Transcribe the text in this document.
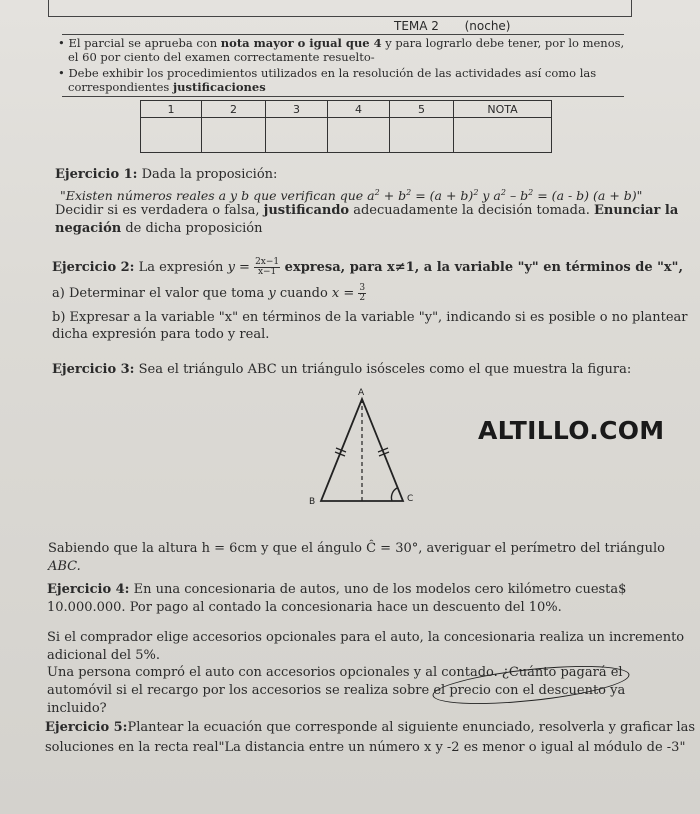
TEMA 2 (noche)
• El parcial se aprueba con nota mayor o igual que 4 y para lograrlo debe tener, por lo menos,
el 60 por ciento del examen correctamente resuelto-
• Debe exhibir los procedimientos utilizados en la resolución de las actividades así como las
correspondientes justificaciones
1	2	3	4	5	NOTA

Ejercicio 1: Dada la proposición:
"Existen números reales a y b que verifican que $a^2 + b^2 = (a + b)^2$ y $a^2 - b^2 = (a - b) (a + b)$"
Decidir si es verdadera o falsa, justificando adecuadamente la decisión tomada. Enunciar la
negación de dicha proposición
Ejercicio 2: La expresión $y = \frac{2x-1}{x-1}$ expresa, para x≠1, a la variable "y" en términos de "x",
a) Determinar el valor que toma y cuando $x = \frac{3}{2}$
b) Expresar a la variable "x" en términos de la variable "y", indicando si es posible o no plantear
dicha expresión para todo y real.
Ejercicio 3: Sea el triángulo ABC un triángulo isósceles como el que muestra la figura:
A
B	C
ALTILLO.COM
Sabiendo que la altura h = 6cm y que el ángulo Ĉ = 30°, averiguar el perímetro del triángulo
ABC.
Ejercicio 4: En una concesionaria de autos, uno de los modelos cero kilómetro cuesta$
10.000.000. Por pago al contado la concesionaria hace un descuento del 10%.
Si el comprador elige accesorios opcionales para el auto, la concesionaria realiza un incremento
adicional del 5%.
Una persona compró el auto con accesorios opcionales y al contado. ¿Cuánto pagará el
automóvil si el recargo por los accesorios se realiza sobre el precio con el descuento ya
incluido?
Ejercicio 5:Plantear la ecuación que corresponde al siguiente enunciado, resolverla y graficar las
soluciones en la recta real"La distancia entre un número x y -2 es menor o igual al módulo de -3"
